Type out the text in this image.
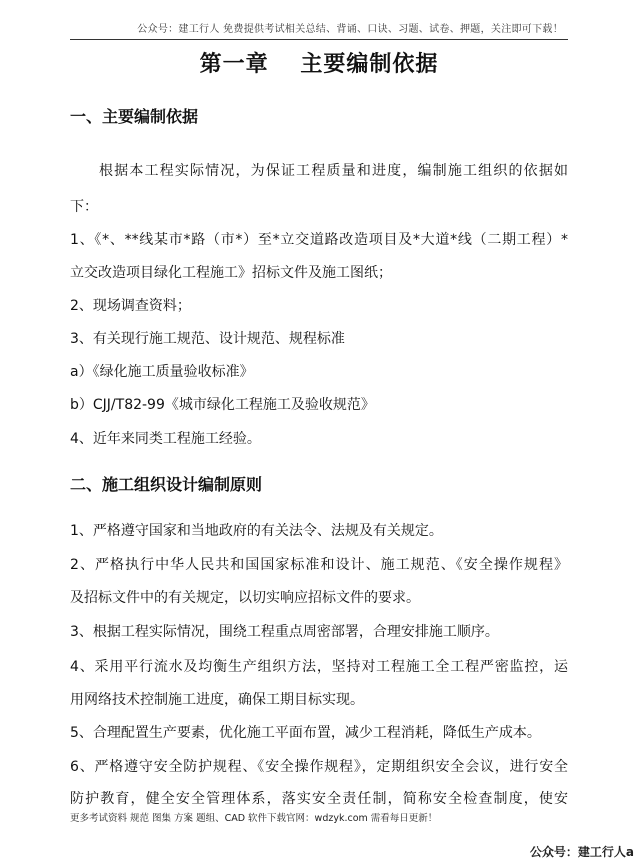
公众号：建工行人 免费提供考试相关总结、背诵、口诀、习题、试卷、押题，关注即可下载！
第一章　 主要编制依据
一、主要编制依据
根据本工程实际情况，为保证工程质量和进度，编制施工组织的依据如
下：
1、《*、**线某市*路（市*）至*立交道路改造项目及*大道*线（二期工程）*
立交改造项目绿化工程施工》招标文件及施工图纸；
2、现场调查资料；
3、有关现行施工规范、设计规范、规程标准
a）《绿化施工质量验收标准》
b）CJJ/T82-99《城市绿化工程施工及验收规范》
4、近年来同类工程施工经验。
二、施工组织设计编制原则
1、严格遵守国家和当地政府的有关法令、法规及有关规定。
2、严格执行中华人民共和国国家标准和设计、施工规范、《安全操作规程》
及招标文件中的有关规定，以切实响应招标文件的要求。
3、根据工程实际情况，围绕工程重点周密部署，合理安排施工顺序。
4、采用平行流水及均衡生产组织方法，坚持对工程施工全工程严密监控，运
用网络技术控制施工进度，确保工期目标实现。
5、合理配置生产要素，优化施工平面布置，减少工程消耗，降低生产成本。
6、严格遵守安全防护规程、《安全操作规程》，定期组织安全会议，进行安全
防护教育，健全安全管理体系，落实安全责任制，简称安全检查制度，使安
更多考试资料 规范 图集 方案 题组、CAD 软件下载官网：wdzyk.com 需看每日更新！
公众号：建工行人a
